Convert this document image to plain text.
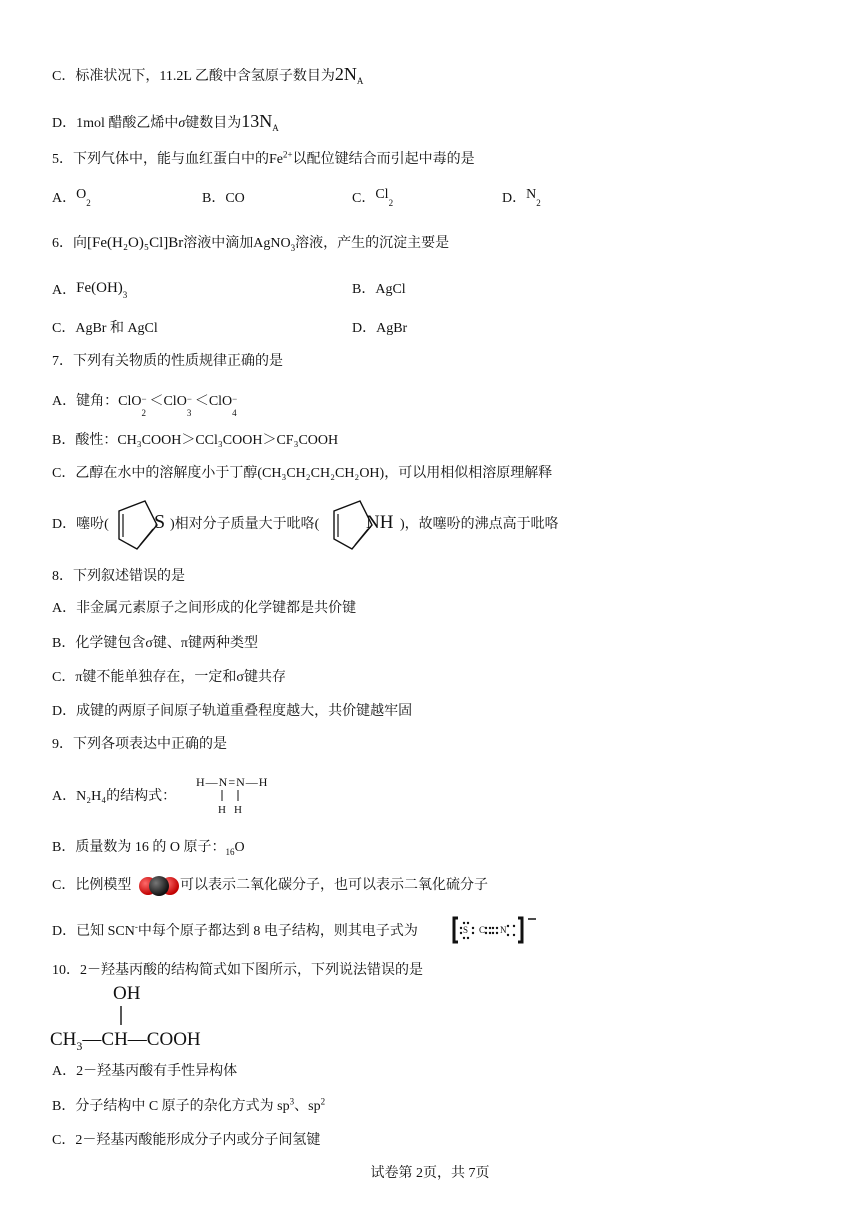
C．标准状况下，11.2L 乙酸中含氢原子数目为$2N_A$
D．1mol 醋酸乙烯中σ键数目为$13N_A$
5．下列气体中，能与血红蛋白中的$Fe^{2+}$以配位键结合而引起中毒的是
A．$O_2$	B．CO	C．$Cl_2$	D．$N_2$
6．向[Fe(H₂O)₅Cl]Br溶液中滴加AgNO$_3$溶液，产生的沉淀主要是
A．$Fe(OH)_3$	B．AgCl
C．AgBr 和 AgCl	D．AgBr
7．下列有关物质的性质规律正确的是
A．键角：ClO −
2
＜ClO −
3
＜ClO −
4
B．酸性：CH₃COOH＞CCl₃COOH＞CF₃COOH
C．乙醇在水中的溶解度小于丁醇(CH₃CH₂CH₂CH₂OH)，可以用相似相溶原理解释
D．噻吩( S )相对分子质量大于吡咯( NH )，故噻吩的沸点高于吡咯
8．下列叙述错误的是
A．非金属元素原子之间形成的化学键都是共价键
B．化学键包含σ键、π键两种类型
C．π键不能单独存在，一定和σ键共存
D．成键的两原子间原子轨道重叠程度越大，共价键越牢固
9．下列各项表达中正确的是
A．N₂H₄的结构式：
H—N=N—H
H H
B．质量数为 16 的 O 原子：$_{16}$O
C．比例模型	可以表示二氧化碳分子，也可以表示二氧化硫分子
D．已知 SCN-中每个原子都达到 8 电子结构，则其电子式为	S C N
10．2－羟基丙酸的结构简式如下图所示，下列说法错误的是
OH
$CH_3—CH—COOH$
A．2－羟基丙酸有手性异构体
B．分子结构中 C 原子的杂化方式为 $sp^3$、$sp^2$
C．2－羟基丙酸能形成分子内或分子间氢键
试卷第 2页，共 7页
